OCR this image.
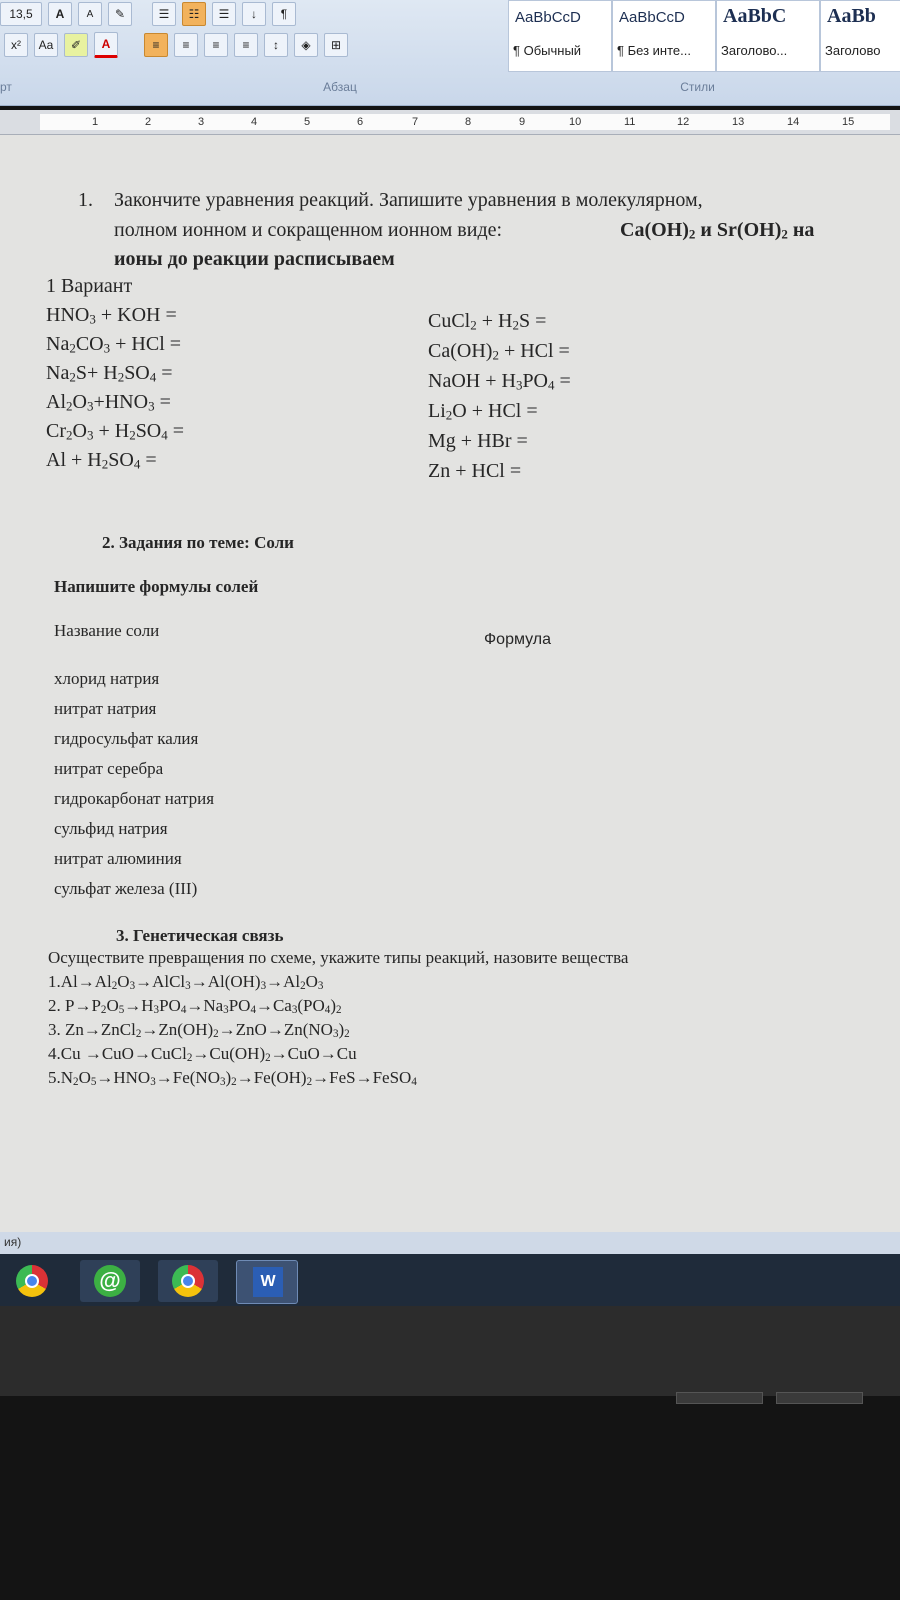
13,5	A	A	✎	☰ ☷ ☰ ↓ ¶
x²	Aa	✐	A	≡ ≡ ≡ ≡ ↕ ◈ ⊞
рт	Абзац	Стили
AaBbCcD
¶ Обычный
AaBbCcD
¶ Без инте...
AaBbC
Заголово...
AaBb
Заголово
1	2	3	4	5	6	7	8	9	10	11	12	13	14	15
1. Закончите уравнения реакций. Запишите уравнения в молекулярном,
полном ионном и сокращенном ионном виде:	$Ca(OH)_2$ и $Sr(OH)_2$ на
ионы до реакции расписываем
1 Вариант
$HNO_3$ + KOH =
$Na_2CO_3$ + HCl =
$Na_2S+ H_2SO_4$ =
$Al_2O_3+HNO_3$ =
$Cr_2O_3 + H_2SO_4$ =
$Al + H_2SO_4$ =
CuCl$_2$ + $H_2S$ =
$Ca(OH)_2$ + HCl =
NaOH + $H_3PO_4$ =
$Li_2O$ + HCl =
Mg + HBr =
Zn + HCl =
2. Задания по теме: Соли
Напишите формулы солей
Название соли	Формула
хлорид натрия
нитрат натрия
гидросульфат калия
нитрат серебра
гидрокарбонат натрия
сульфид натрия
нитрат алюминия
сульфат железа (III)
3. Генетическая связь
Осуществите превращения по схеме, укажите типы реакций, назовите вещества
$1.Al\to Al_2O_3\to AlCl_3\to Al(OH)_3\to Al_2O_3$
2. $P\to P_2O_5\to H_3PO_4\to Na_3PO_4\to Ca_3(PO_4)_2$
3. $Zn\to ZnCl_2\to Zn(OH)_2\to ZnO\to Zn(NO_3)_2$
$4.Cu \to CuO\to CuCl_2\to Cu(OH)_2\to CuO\to Cu$
$5.N_2O_5\to HNO_3\to Fe(NO_3)_2\to Fe(OH)_2\to FeS\to FeSO_4$
ия)
@	W
